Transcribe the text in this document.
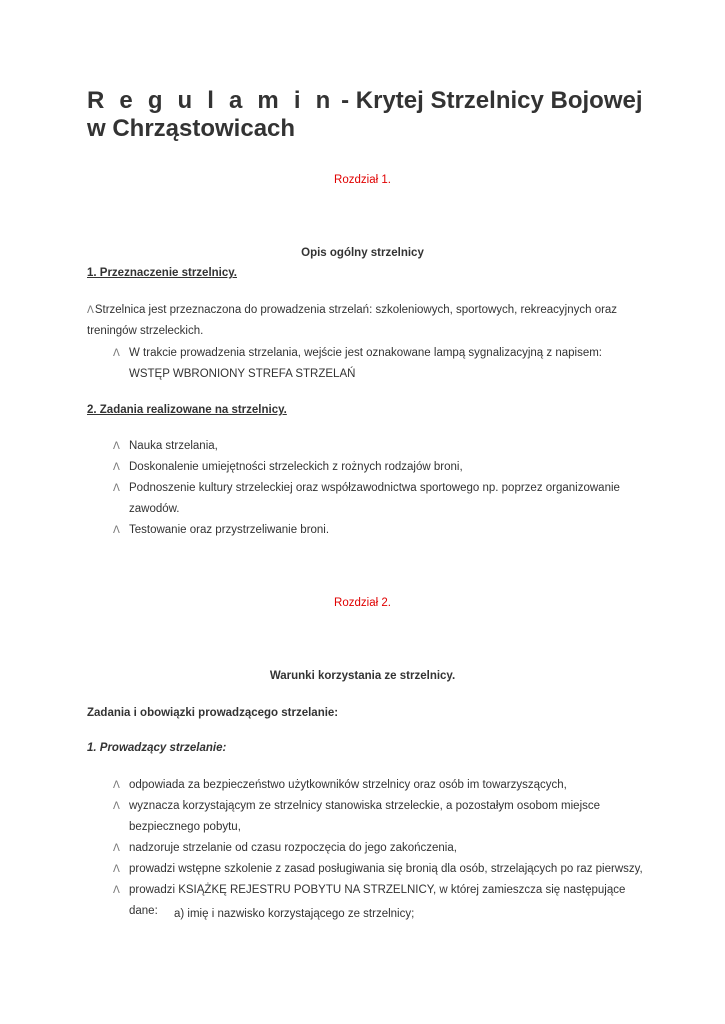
R e g u l a m i n - Krytej Strzelnicy Bojowej
w Chrząstowicach
Rozdział 1.
Opis ogólny strzelnicy
1. Przeznaczenie strzelnicy.
ᐱStrzelnica jest przeznaczona do prowadzenia strzelań: szkoleniowych, sportowych, rekreacyjnych oraz treningów strzeleckich.
ᐱ W trakcie prowadzenia strzelania, wejście jest oznakowane lampą sygnalizacyjną z napisem: WSTĘP WBRONIONY STREFA STRZELAŃ
2. Zadania realizowane na strzelnicy.
ᐱ Nauka strzelania,
ᐱ Doskonalenie umiejętności strzeleckich z rożnych rodzajów broni,
ᐱ Podnoszenie kultury strzeleckiej oraz współzawodnictwa sportowego np. poprzez organizowanie zawodów.
ᐱ Testowanie oraz przystrzeliwanie broni.
Rozdział 2.
Warunki korzystania ze strzelnicy.
Zadania i obowiązki prowadzącego strzelanie:
1. Prowadzący strzelanie:
ᐱ odpowiada za bezpieczeństwo użytkowników strzelnicy oraz osób im towarzyszących,
ᐱ wyznacza korzystającym ze strzelnicy stanowiska strzeleckie, a pozostałym osobom miejsce bezpiecznego pobytu,
ᐱ nadzoruje strzelanie od czasu rozpoczęcia do jego zakończenia,
ᐱ prowadzi wstępne szkolenie z zasad posługiwania się bronią dla osób, strzelających po raz pierwszy,
ᐱ prowadzi KSIĄŻKĘ REJESTRU POBYTU NA STRZELNICY, w której zamieszcza się następujące dane:	a) imię i nazwisko korzystającego ze strzelnicy;
